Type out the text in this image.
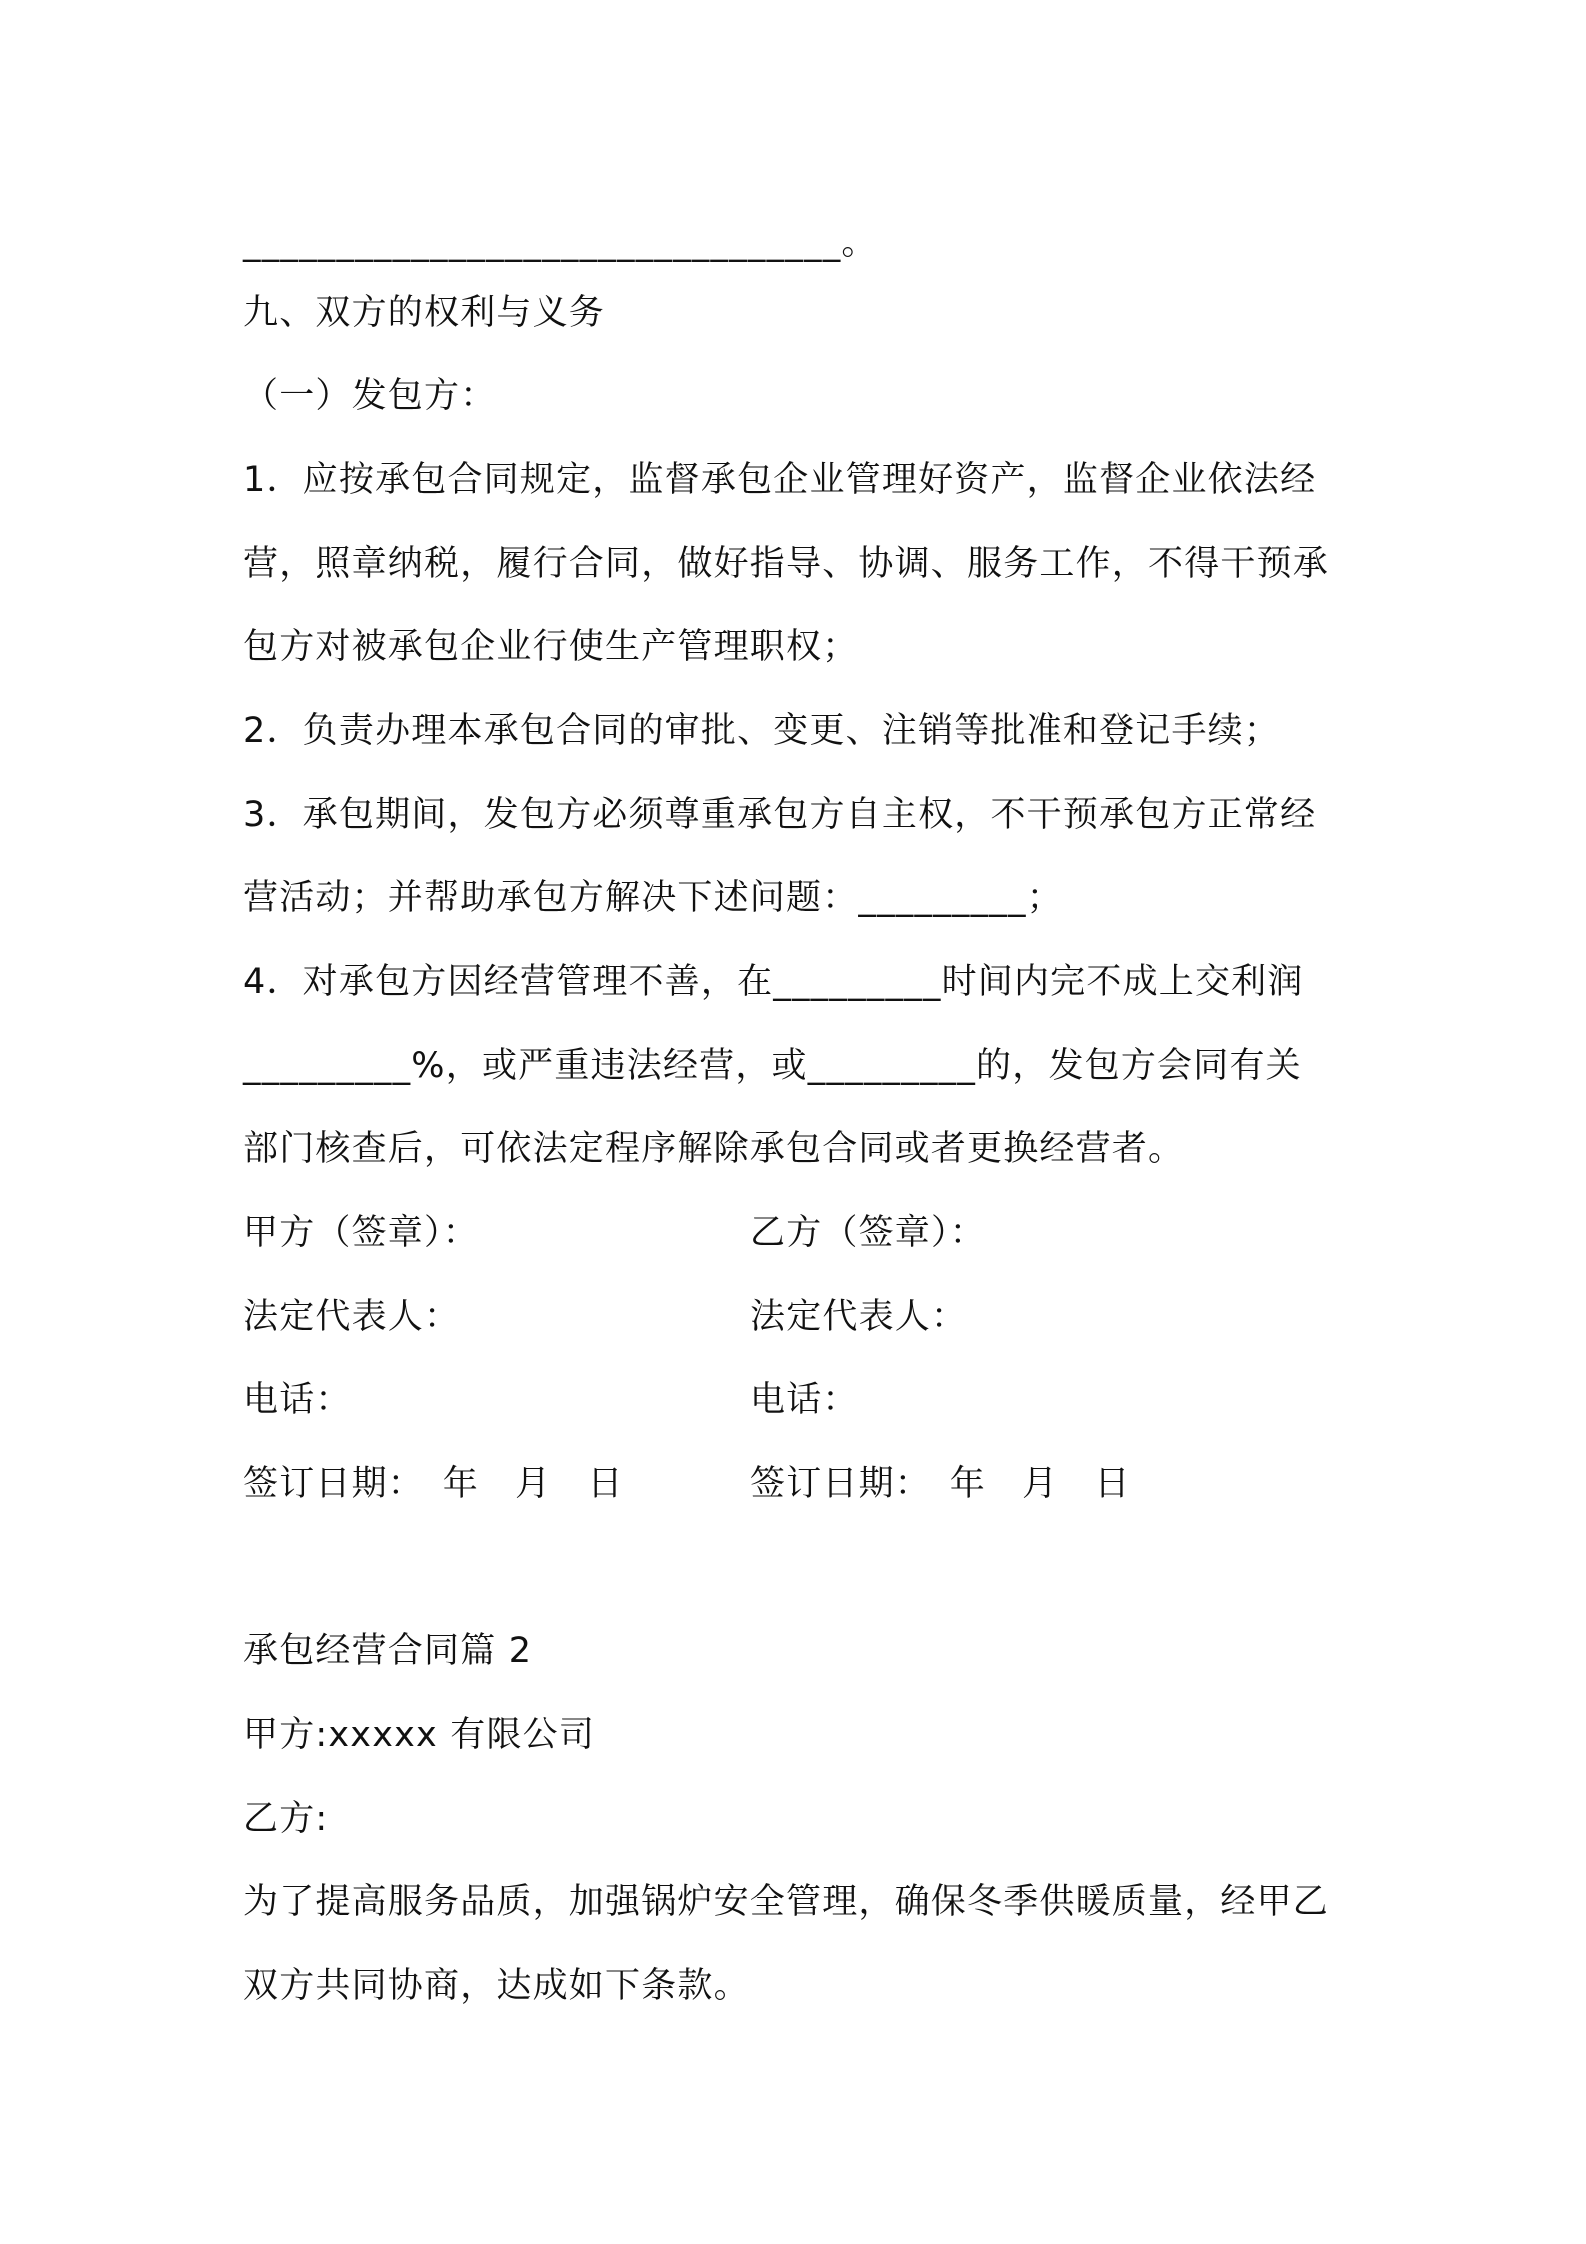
________________________________。
九、双方的权利与义务
（一）发包方：
1．应按承包合同规定，监督承包企业管理好资产，监督企业依法经
营，照章纳税，履行合同，做好指导、协调、服务工作，不得干预承
包方对被承包企业行使生产管理职权；
2．负责办理本承包合同的审批、变更、注销等批准和登记手续；
3．承包期间，发包方必须尊重承包方自主权，不干预承包方正常经
营活动；并帮助承包方解决下述问题：_________；
4．对承包方因经营管理不善，在_________时间内完不成上交利润
_________%，或严重违法经营，或_________的，发包方会同有关
部门核查后，可依法定程序解除承包合同或者更换经营者。
甲方（签章）：	乙方（签章）：
法定代表人：	法定代表人：
电话：	电话：
签订日期：　年　月　日	签订日期：　年　月　日
承包经营合同篇 2
甲方:xxxxx 有限公司
乙方:
为了提高服务品质，加强锅炉安全管理，确保冬季供暖质量，经甲乙
双方共同协商，达成如下条款。
